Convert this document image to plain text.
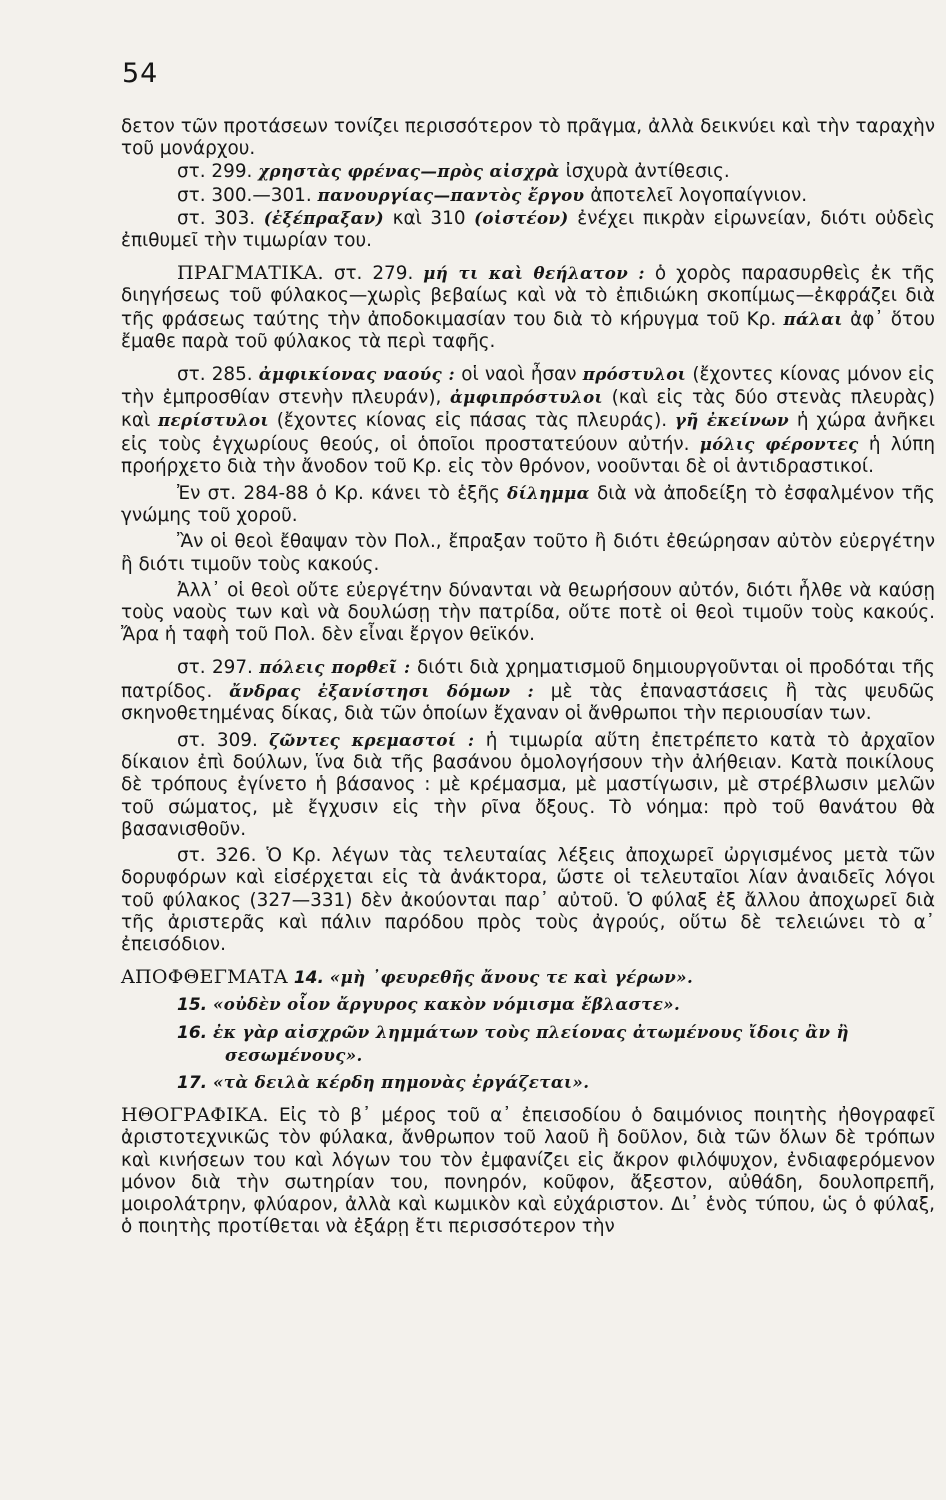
54

δετον τῶν προτάσεων τονίζει περισσότερον τὸ πρᾶγμα, ἀλλὰ δεικνύει καὶ τὴν ταραχὴν τοῦ μονάρχου.

στ. 299. χρηστὰς φρένας—πρὸς αἰσχρὰ ἰσχυρὰ ἀντίθεσις.

στ. 300.—301. πανουργίας—παντὸς ἔργου ἀποτελεῖ λογοπαίγνιον.

στ. 303. (ἐξέπραξαν) καὶ 310 (οἰστέον) ἐνέχει πικρὰν εἰρωνείαν, διότι οὐδεὶς ἐπιθυμεῖ τὴν τιμωρίαν του.

ΠΡΑΓΜΑΤΙΚΑ. στ. 279. μή τι καὶ θεήλατον : ὁ χορὸς παρασυρθεὶς ἐκ τῆς διηγήσεως τοῦ φύλακος—χωρὶς βεβαίως καὶ νὰ τὸ ἐπιδιώκη σκοπίμως—ἐκφράζει διὰ τῆς φράσεως ταύτης τὴν ἀποδοκιμασίαν του διὰ τὸ κήρυγμα τοῦ Κρ. πάλαι ἀφ᾽ ὅτου ἔμαθε παρὰ τοῦ φύλακος τὰ περὶ ταφῆς.

στ. 285. ἀμφικίονας ναούς : οἱ ναοὶ ἦσαν πρόστυλοι (ἔχοντες κίονας μόνον εἰς τὴν ἐμπροσθίαν στενὴν πλευράν), ἀμφιπρόστυλοι (καὶ εἰς τὰς δύο στενὰς πλευρὰς) καὶ περίστυλοι (ἔχοντες κίονας εἰς πάσας τὰς πλευράς). γῆ ἐκείνων ἡ χώρα ἀνῆκει εἰς τοὺς ἐγχωρίους θεούς, οἱ ὁποῖοι προστατεύουν αὐτήν. μόλις φέροντες ἡ λύπη προήρχετο διὰ τὴν ἄνοδον τοῦ Κρ. εἰς τὸν θρόνον, νοοῦνται δὲ οἱ ἀντιδραστικοί.

Ἐν στ. 284-88 ὁ Κρ. κάνει τὸ ἑξῆς δίλημμα διὰ νὰ ἀποδείξη τὸ ἐσφαλμένον τῆς γνώμης τοῦ χοροῦ.

Ἂν οἱ θεοὶ ἔθαψαν τὸν Πολ., ἔπραξαν τοῦτο ἢ διότι ἐθεώρησαν αὐτὸν εὐεργέτην ἢ διότι τιμοῦν τοὺς κακούς.

Ἀλλ᾽ οἱ θεοὶ οὔτε εὐεργέτην δύνανται νὰ θεωρήσουν αὐτόν, διότι ἦλθε νὰ καύσῃ τοὺς ναοὺς των καὶ νὰ δουλώσῃ τὴν πατρίδα, οὔτε ποτὲ οἱ θεοὶ τιμοῦν τοὺς κακούς. Ἄρα ἡ ταφὴ τοῦ Πολ. δὲν εἶναι ἔργον θεϊκόν.

στ. 297. πόλεις πορθεῖ : διότι διὰ χρηματισμοῦ δημιουργοῦνται οἱ προδόται τῆς πατρίδος. ἄνδρας ἐξανίστησι δόμων : μὲ τὰς ἐπαναστάσεις ἢ τὰς ψευδῶς σκηνοθετημένας δίκας, διὰ τῶν ὁποίων ἔχαναν οἱ ἄνθρωποι τὴν περιουσίαν των.

στ. 309. ζῶντες κρεμαστοί : ἡ τιμωρία αὕτη ἐπετρέπετο κατὰ τὸ ἀρχαῖον δίκαιον ἐπὶ δούλων, ἵνα διὰ τῆς βασάνου ὁμολογήσουν τὴν ἀλήθειαν. Κατὰ ποικίλους δὲ τρόπους ἐγίνετο ἡ βάσανος : μὲ κρέμασμα, μὲ μαστίγωσιν, μὲ στρέβλωσιν μελῶν τοῦ σώματος, μὲ ἔγχυσιν εἰς τὴν ρῖνα ὄξους. Τὸ νόημα: πρὸ τοῦ θανάτου θὰ βασανισθοῦν.

στ. 326. Ὁ Κρ. λέγων τὰς τελευταίας λέξεις ἀποχωρεῖ ὠργισμένος μετὰ τῶν δορυφόρων καὶ εἰσέρχεται εἰς τὰ ἀνάκτορα, ὥστε οἱ τελευταῖοι λίαν ἀναιδεῖς λόγοι τοῦ φύλακος (327—331) δὲν ἀκούονται παρ᾽ αὐτοῦ. Ὁ φύλαξ ἐξ ἄλλου ἀποχωρεῖ διὰ τῆς ἀριστερᾶς καὶ πάλιν παρόδου πρὸς τοὺς ἀγρούς, οὕτω δὲ τελειώνει τὸ α᾽ ἐπεισόδιον.

ΑΠΟΦΘΕΓΜΑΤΑ 14. «μὴ ᾽φευρεθῆς ἄνους τε καὶ γέρων».

15. «οὐδὲν οἷον ἄργυρος κακὸν νόμισμα ἔβλαστε».

16. ἐκ γὰρ αἰσχρῶν λημμάτων τοὺς πλείονας ἀτωμένους ἴδοις ἂν ἢ

σεσωμένους».

17. «τὰ δειλὰ κέρδη πημονὰς ἐργάζεται».

ΗΘΟΓΡΑΦΙΚΑ. Εἰς τὸ β᾽ μέρος τοῦ α᾽ ἐπεισοδίου ὁ δαιμόνιος ποιητὴς ἠθογραφεῖ ἀριστοτεχνικῶς τὸν φύλακα, ἄνθρωπον τοῦ λαοῦ ἢ δοῦλον, διὰ τῶν ὅλων δὲ τρόπων καὶ κινήσεων του καὶ λόγων του τὸν ἐμφανίζει εἰς ἄκρον φιλόψυχον, ἐνδιαφερόμενον μόνον διὰ τὴν σωτηρίαν του, πονηρόν, κοῦφον, ἄξεστον, αὐθάδη, δουλοπρεπῆ, μοιρολάτρην, φλύαρον, ἀλλὰ καὶ κωμικὸν καὶ εὐχάριστον. Δι᾽ ἑνὸς τύπου, ὡς ὁ φύλαξ, ὁ ποιητὴς προτίθεται νὰ ἐξάρῃ ἔτι περισσότερον τὴν
